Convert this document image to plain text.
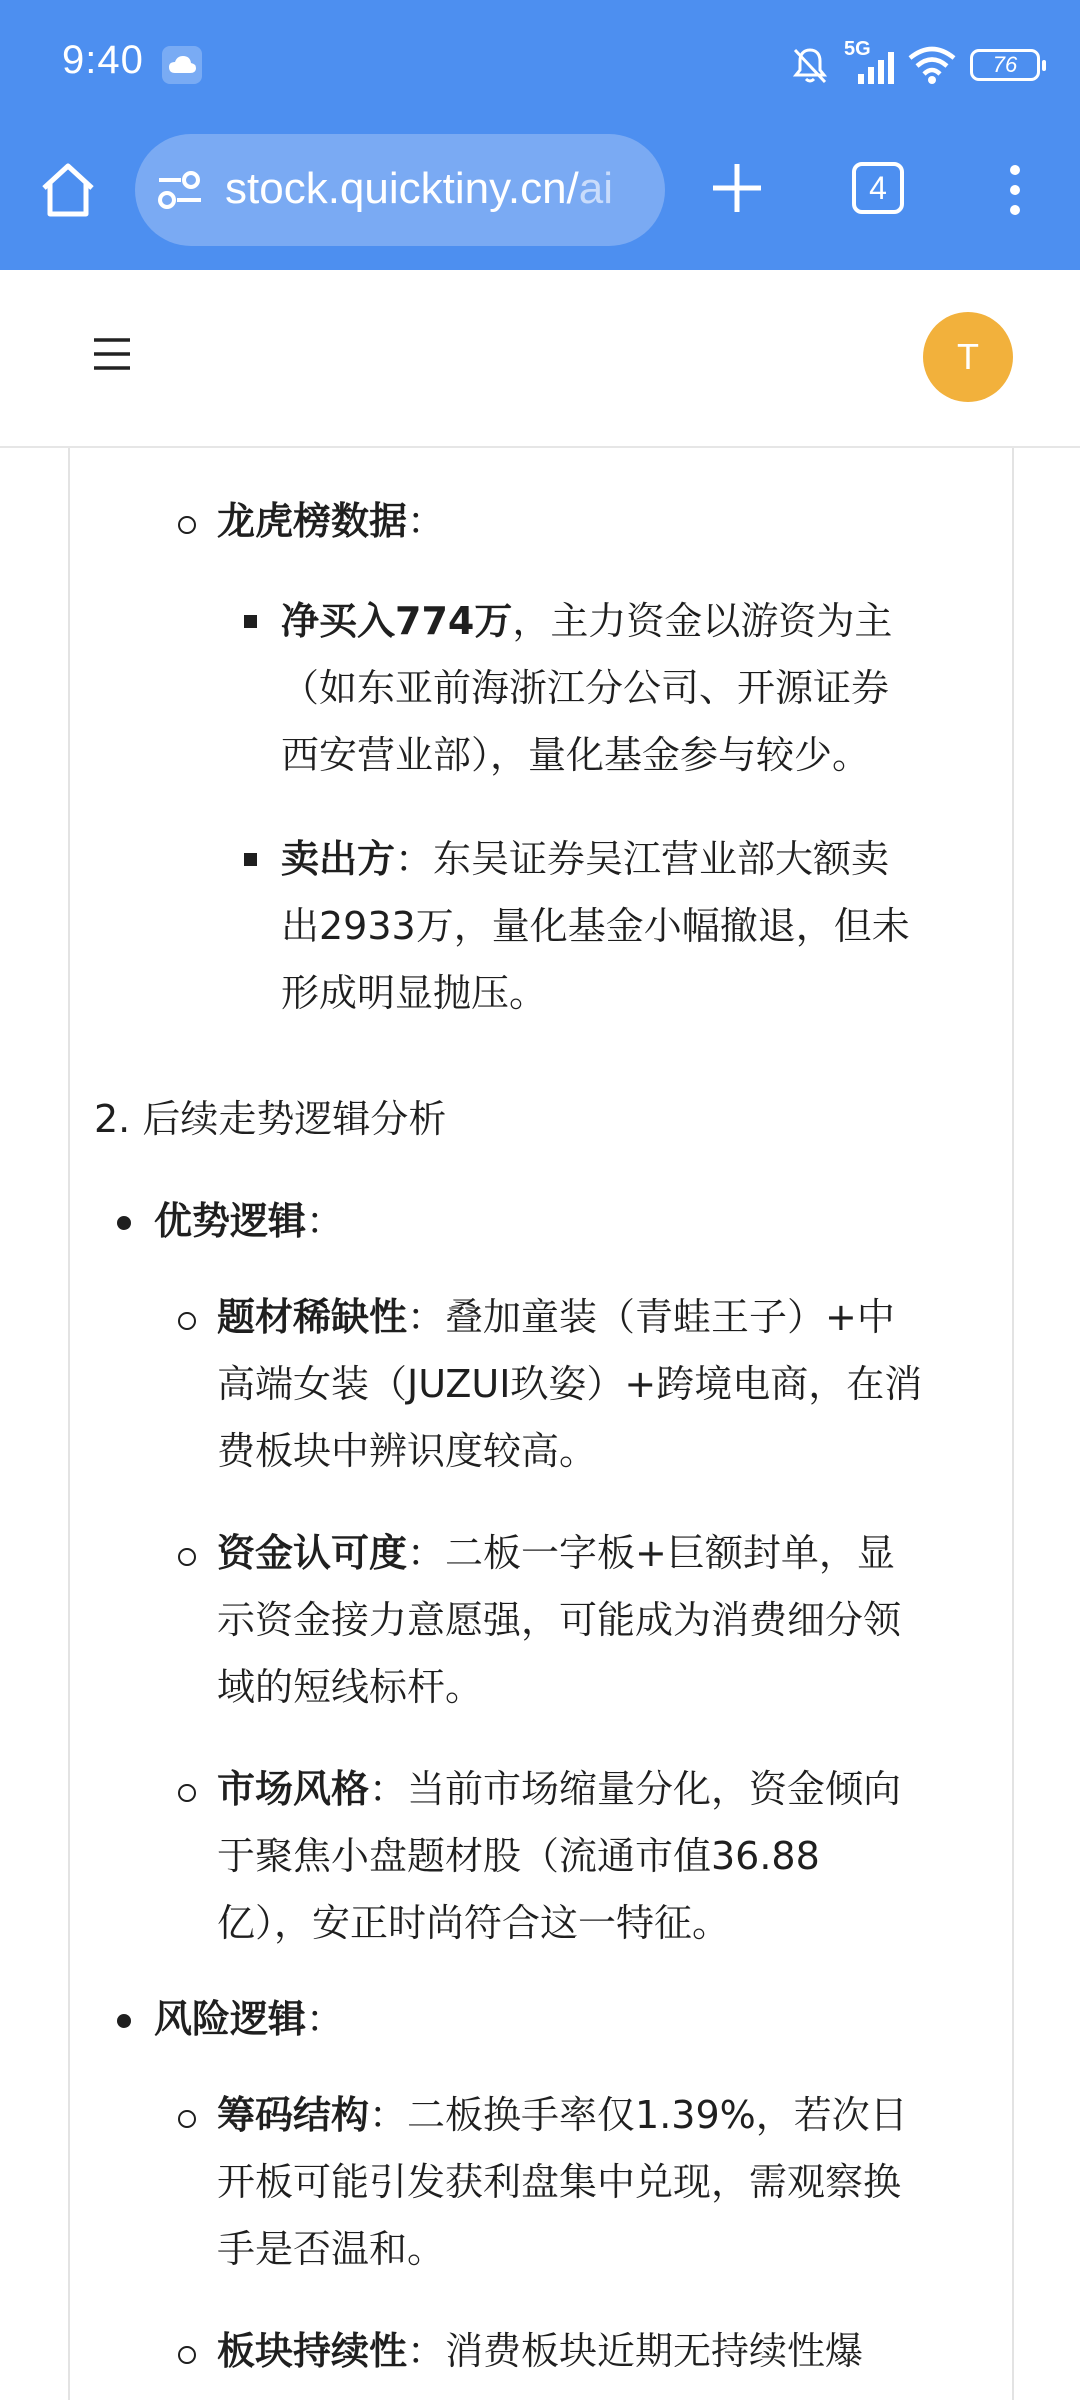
9:40	5G
76
stock.quicktiny.cn/ai	4
T
龙虎榜数据：
净买入774万，主力资金以游资为主
（如东亚前海浙江分公司、开源证券
西安营业部），量化基金参与较少。
卖出方：东吴证券吴江营业部大额卖
出2933万，量化基金小幅撤退，但未
形成明显抛压。
2. 后续走势逻辑分析
优势逻辑：
题材稀缺性：叠加童装（青蛙王子）+中
高端女装（JUZUI玖姿）+跨境电商，在消
费板块中辨识度较高。
资金认可度：二板一字板+巨额封单，显
示资金接力意愿强，可能成为消费细分领
域的短线标杆。
市场风格：当前市场缩量分化，资金倾向
于聚焦小盘题材股（流通市值36.88
亿），安正时尚符合这一特征。
风险逻辑：
筹码结构：二板换手率仅1.39%，若次日
开板可能引发获利盘集中兑现，需观察换
手是否温和。
板块持续性：消费板块近期无持续性爆
